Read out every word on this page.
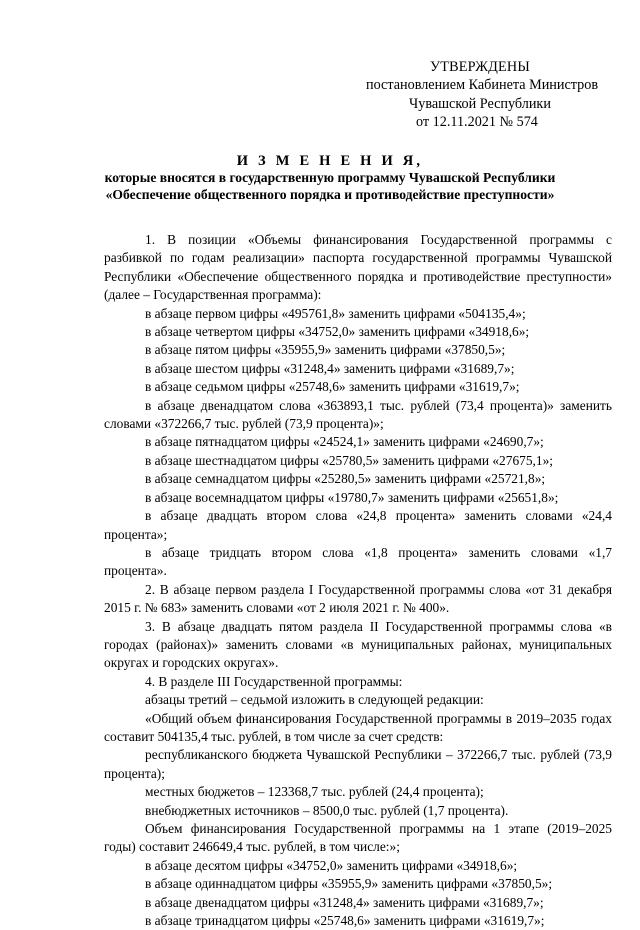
УТВЕРЖДЕНЫ
постановлением Кабинета Министров
Чувашской Республики
от 12.11.2021 № 574
И З М Е Н Е Н И Я,
которые вносятся в государственную программу Чувашской Республики
«Обеспечение общественного порядка и противодействие преступности»

1. В позиции «Объемы финансирования Государственной программы с разбивкой по годам реализации» паспорта государственной программы Чувашской Республики «Обеспечение общественного порядка и противодействие преступности» (далее – Государственная программа):

в абзаце первом цифры «495761,8» заменить цифрами «504135,4»;

в абзаце четвертом цифры «34752,0» заменить цифрами «34918,6»;

в абзаце пятом цифры «35955,9» заменить цифрами «37850,5»;

в абзаце шестом цифры «31248,4» заменить цифрами «31689,7»;

в абзаце седьмом цифры «25748,6» заменить цифрами «31619,7»;

в абзаце двенадцатом слова «363893,1 тыс. рублей (73,4 процента)» заменить словами «372266,7 тыс. рублей (73,9 процента)»;

в абзаце пятнадцатом цифры «24524,1» заменить цифрами «24690,7»;

в абзаце шестнадцатом цифры «25780,5» заменить цифрами «27675,1»;

в абзаце семнадцатом цифры «25280,5» заменить цифрами «25721,8»;

в абзаце восемнадцатом цифры «19780,7» заменить цифрами «25651,8»;

в абзаце двадцать втором слова «24,8 процента» заменить словами «24,4 процента»;

в абзаце тридцать втором слова «1,8 процента» заменить словами «1,7 процента».

2. В абзаце первом раздела I Государственной программы слова «от 31 декабря 2015 г. № 683» заменить словами «от 2 июля 2021 г. № 400».

3. В абзаце двадцать пятом раздела II Государственной программы слова «в городах (районах)» заменить словами «в муниципальных районах, муниципальных округах и городских округах».

4. В разделе III Государственной программы:

абзацы третий – седьмой изложить в следующей редакции:

«Общий объем финансирования Государственной программы в 2019–2035 годах составит 504135,4 тыс. рублей, в том числе за счет средств:

республиканского бюджета Чувашской Республики – 372266,7 тыс. рублей (73,9 процента);

местных бюджетов – 123368,7 тыс. рублей (24,4 процента);

внебюджетных источников – 8500,0 тыс. рублей (1,7 процента).

Объем финансирования Государственной программы на 1 этапе (2019–2025 годы) составит 246649,4 тыс. рублей, в том числе:»;

в абзаце десятом цифры «34752,0» заменить цифрами «34918,6»;

в абзаце одиннадцатом цифры «35955,9» заменить цифрами «37850,5»;

в абзаце двенадцатом цифры «31248,4» заменить цифрами «31689,7»;

в абзаце тринадцатом цифры «25748,6» заменить цифрами «31619,7»;
